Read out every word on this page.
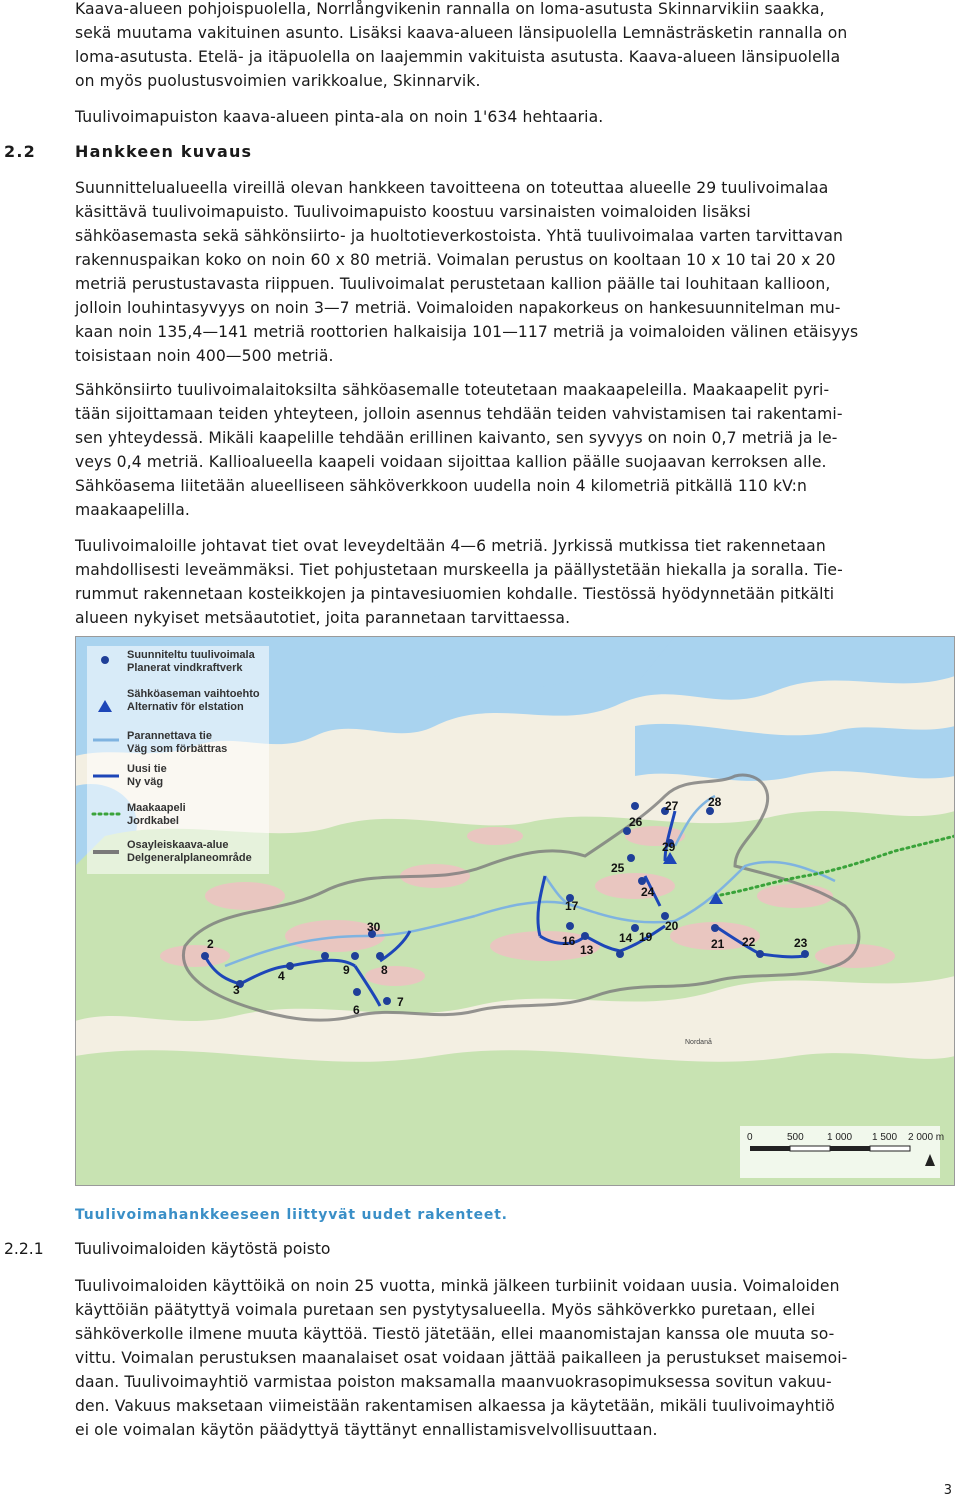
Kaava-alueen pohjoispuolella, Norrlångvikenin rannalla on loma-asutusta Skinnarvikiin saakka,
sekä muutama vakituinen asunto. Lisäksi kaava-alueen länsipuolella Lemnästräsketin rannalla on
loma-asutusta. Etelä- ja itäpuolella on laajemmin vakituista asutusta. Kaava-alueen länsipuolella
on myös puolustusvoimien varikkoalue, Skinnarvik.
Tuulivoimapuiston kaava-alueen pinta-ala on noin 1'634 hehtaaria.
2.2 Hankkeen kuvaus
Suunnittelualueella vireillä olevan hankkeen tavoitteena on toteuttaa alueelle 29 tuulivoimalaa
käsittävä tuulivoimapuisto. Tuulivoimapuisto koostuu varsinaisten voimaloiden lisäksi
sähköasemasta sekä sähkönsiirto- ja huoltotieverkostoista. Yhtä tuulivoimalaa varten tarvittavan
rakennuspaikan koko on noin 60 x 80 metriä. Voimalan perustus on kooltaan 10 x 10 tai 20 x 20
metriä perustustavasta riippuen. Tuulivoimalat perustetaan kallion päälle tai louhitaan kallioon,
jolloin louhintasyvyys on noin 3—7 metriä. Voimaloiden napakorkeus on hankesuunnitelman mu-
kaan noin 135,4—141 metriä roottorien halkaisija 101—117 metriä ja voimaloiden välinen etäisyys
toisistaan noin 400—500 metriä.
Sähkönsiirto tuulivoimalaitoksilta sähköasemalle toteutetaan maakaapeleilla. Maakaapelit pyri-
tään sijoittamaan teiden yhteyteen, jolloin asennus tehdään teiden vahvistamisen tai rakentami-
sen yhteydessä. Mikäli kaapelille tehdään erillinen kaivanto, sen syvyys on noin 0,7 metriä ja le-
veys 0,4 metriä. Kallioalueella kaapeli voidaan sijoittaa kallion päälle suojaavan kerroksen alle.
Sähköasema liitetään alueelliseen sähköverkkoon uudella noin 4 kilometriä pitkällä 110 kV:n
maakaapelilla.
Tuulivoimaloille johtavat tiet ovat leveydeltään 4—6 metriä. Jyrkissä mutkissa tiet rakennetaan
mahdollisesti leveämmäksi. Tiet pohjustetaan murskeella ja päällystetään hiekalla ja soralla. Tie-
rummut rakennetaan kosteikkojen ja pintavesiuomien kohdalle. Tiestössä hyödynnetään pitkälti
alueen nykyiset metsäautotiet, joita parannetaan tarvittaessa.
2
3
4
6
7
8
9
13
14
16
17
19
20
21 22	23
24
25
26
27 28
29
30
Nordanå
Suunniteltu tuulivoimala
Planerat vindkraftverk
Sähköaseman vaihtoehto
Alternativ för elstation
Parannettava tie
Väg som förbättras
Uusi tie
Ny väg
Maakaapeli
Jordkabel
Osayleiskaava-alue
Delgeneralplaneområde
0	500 1 000 1 500 2 000 m
Tuulivoimahankkeeseen liittyvät uudet rakenteet.
2.2.1 Tuulivoimaloiden käytöstä poisto
Tuulivoimaloiden käyttöikä on noin 25 vuotta, minkä jälkeen turbiinit voidaan uusia. Voimaloiden
käyttöiän päätyttyä voimala puretaan sen pystytysalueella. Myös sähköverkko puretaan, ellei
sähköverkolle ilmene muuta käyttöä. Tiestö jätetään, ellei maanomistajan kanssa ole muuta so-
vittu. Voimalan perustuksen maanalaiset osat voidaan jättää paikalleen ja perustukset maisemoi-
daan. Tuulivoimayhtiö varmistaa poiston maksamalla maanvuokrasopimuksessa sovitun vakuu-
den. Vakuus maksetaan viimeistään rakentamisen alkaessa ja käytetään, mikäli tuulivoimayhtiö
ei ole voimalan käytön päädyttyä täyttänyt ennallistamisvelvollisuuttaan.
3
